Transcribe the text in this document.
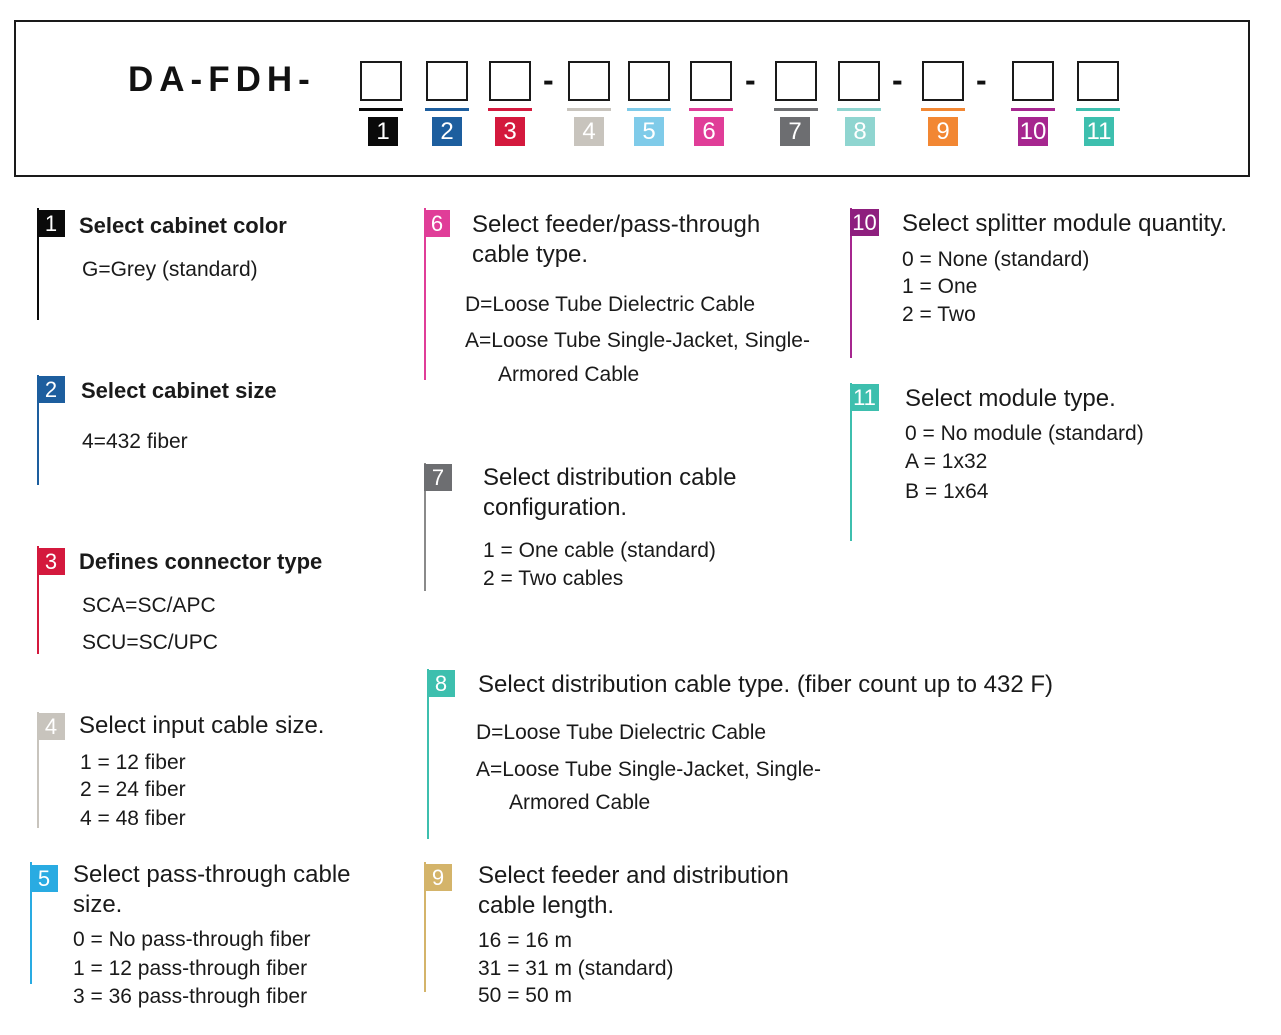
DA-FDH-	-	-	- -
1	2	3	4	5	6	7	8	9	10 11
1 Select cabinet color
G=Grey (standard)
2	Select cabinet size
4=432 fiber
3 Defines connector type
SCA=SC/APC
SCU=SC/UPC
4 Select input cable size.
1 = 12 fiber
2 = 24 fiber
4 = 48 fiber
5 Select pass-through cable
size.
0 = No pass-through fiber
1 = 12 pass-through fiber
3 = 36 pass-through fiber
6 Select feeder/pass-through
cable type.
D=Loose Tube Dielectric Cable
A=Loose Tube Single-Jacket, Single-
Armored Cable
7	Select distribution cable
configuration.
1 = One cable (standard)
2 = Two cables
8	Select distribution cable type. (fiber count up to 432 F)
D=Loose Tube Dielectric Cable
A=Loose Tube Single-Jacket, Single-
Armored Cable
9	Select feeder and distribution
cable length.
16 = 16 m
31 = 31 m (standard)
50 = 50 m
10 Select splitter module quantity.
0 = None (standard)
1 = One
2 = Two
11 Select module type.
0 = No module (standard)
A = 1x32
B = 1x64
